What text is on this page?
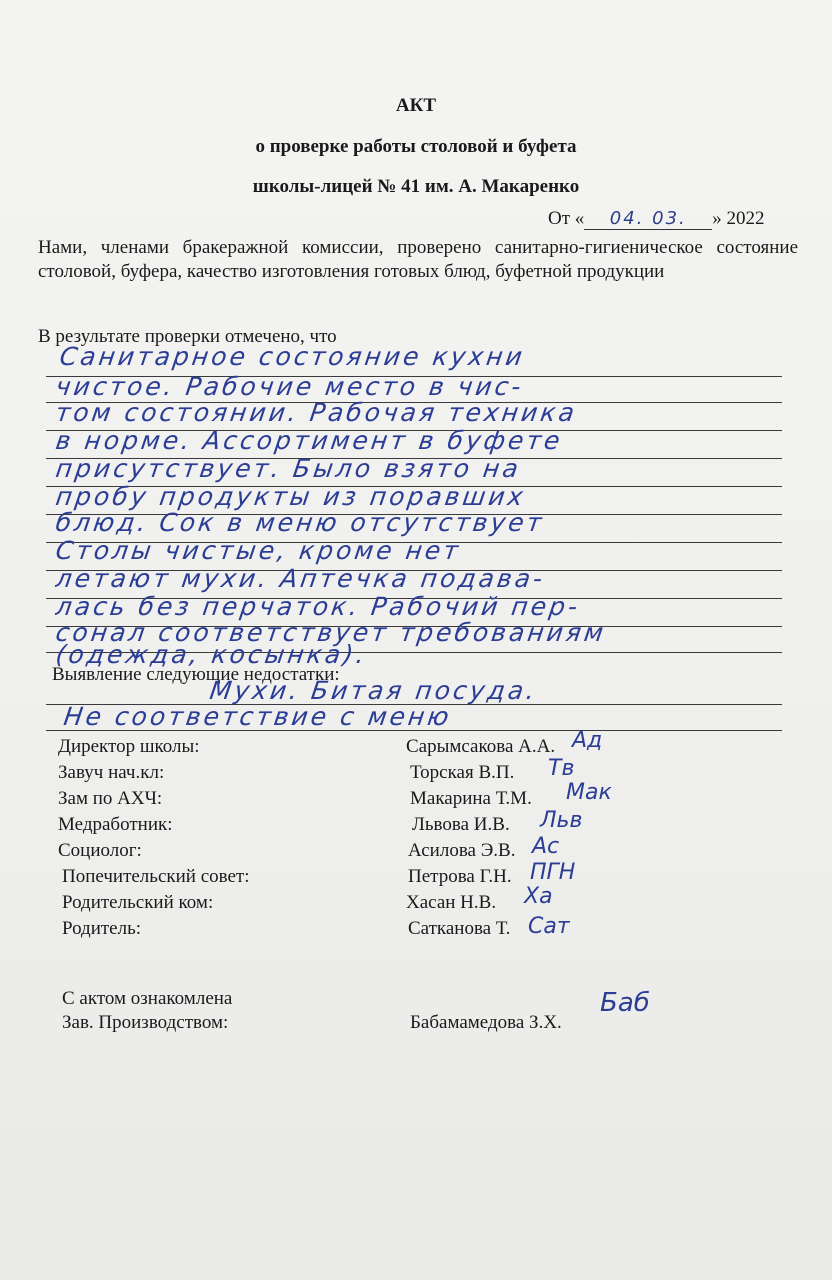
АКТ
о проверке работы столовой и буфета
школы-лицей № 41 им. А. Макаренко
От « 04. 03. » 2022
Нами, членами бракеражной комиссии, проверено санитарно-гигиеническое состояние столовой, буфера, качество изготовления готовых блюд, буфетной продукции
В результате проверки отмечено, что
Санитарное состояние кухни
чистое. Рабочие место в чис-
том состоянии. Рабочая техника
в норме. Ассортимент в буфете
присутствует. Было взято на
пробу продукты из поравших
блюд. Сок в меню отсутствует
Столы чистые, кроме нет
летают мухи. Аптечка подава-
лась без перчаток. Рабочий пер-
сонал соответствует требованиям
(одежда, косынка).
Выявление следующие недостатки:
Мухи. Битая посуда.
Не соответствие с меню
Директор школы:	Сарымсакова А.А. Ад
Завуч нач.кл:	Торская В.П. Тв
Зам по АХЧ:	Макарина Т.М. Мак
Медработник:	Львова И.В. Льв
Социолог:	Асилова Э.В. Ас
Попечительский совет:	Петрова Г.Н. ПГН
Родительский ком:	Хасан Н.В. Ха
Родитель:	Сатканова Т. Сат
С актом ознакомлена
Зав. Производством:	Бабамамедова З.Х.
Баб
